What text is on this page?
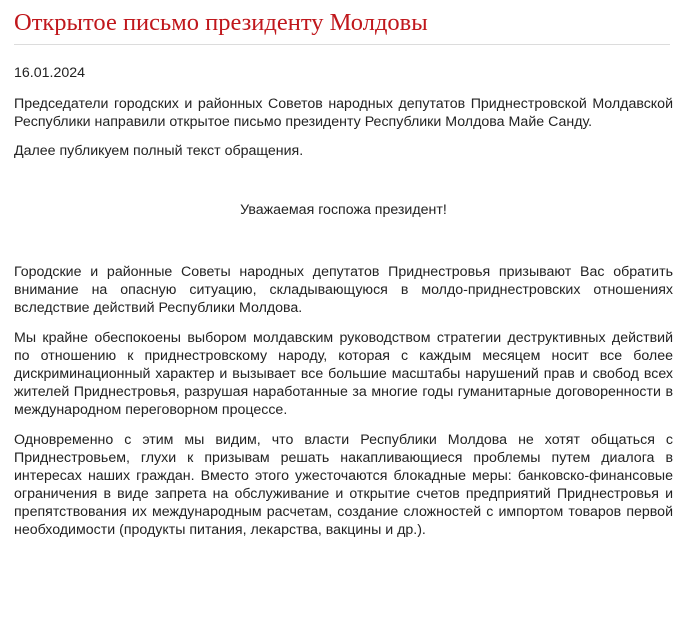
Открытое письмо президенту Молдовы
16.01.2024

Председатели городских и районных Советов народных депутатов Приднестровской Молдавской Республики направили открытое письмо президенту Республики Молдова Майе Санду.

Далее публикуем полный текст обращения.

Уважаемая госпожа президент!

Городские и районные Советы народных депутатов Приднестровья призывают Вас обратить внимание на опасную ситуацию, складывающуюся в молдо-приднестровских отношениях вследствие действий Республики Молдова.

Мы крайне обеспокоены выбором молдавским руководством стратегии деструктивных действий по отношению к приднестровскому народу, которая с каждым месяцем носит все более дискриминационный характер и вызывает все большие масштабы нарушений прав и свобод всех жителей Приднестровья, разрушая наработанные за многие годы гуманитарные договоренности в международном переговорном процессе.

Одновременно с этим мы видим, что власти Республики Молдова не хотят общаться с Приднестровьем, глухи к призывам решать накапливающиеся проблемы путем диалога в интересах наших граждан. Вместо этого ужесточаются блокадные меры: банковско-финансовые ограничения в виде запрета на обслуживание и открытие счетов предприятий Приднестровья и препятствования их международным расчетам, создание сложностей с импортом товаров первой необходимости (продукты питания, лекарства, вакцины и др.).
